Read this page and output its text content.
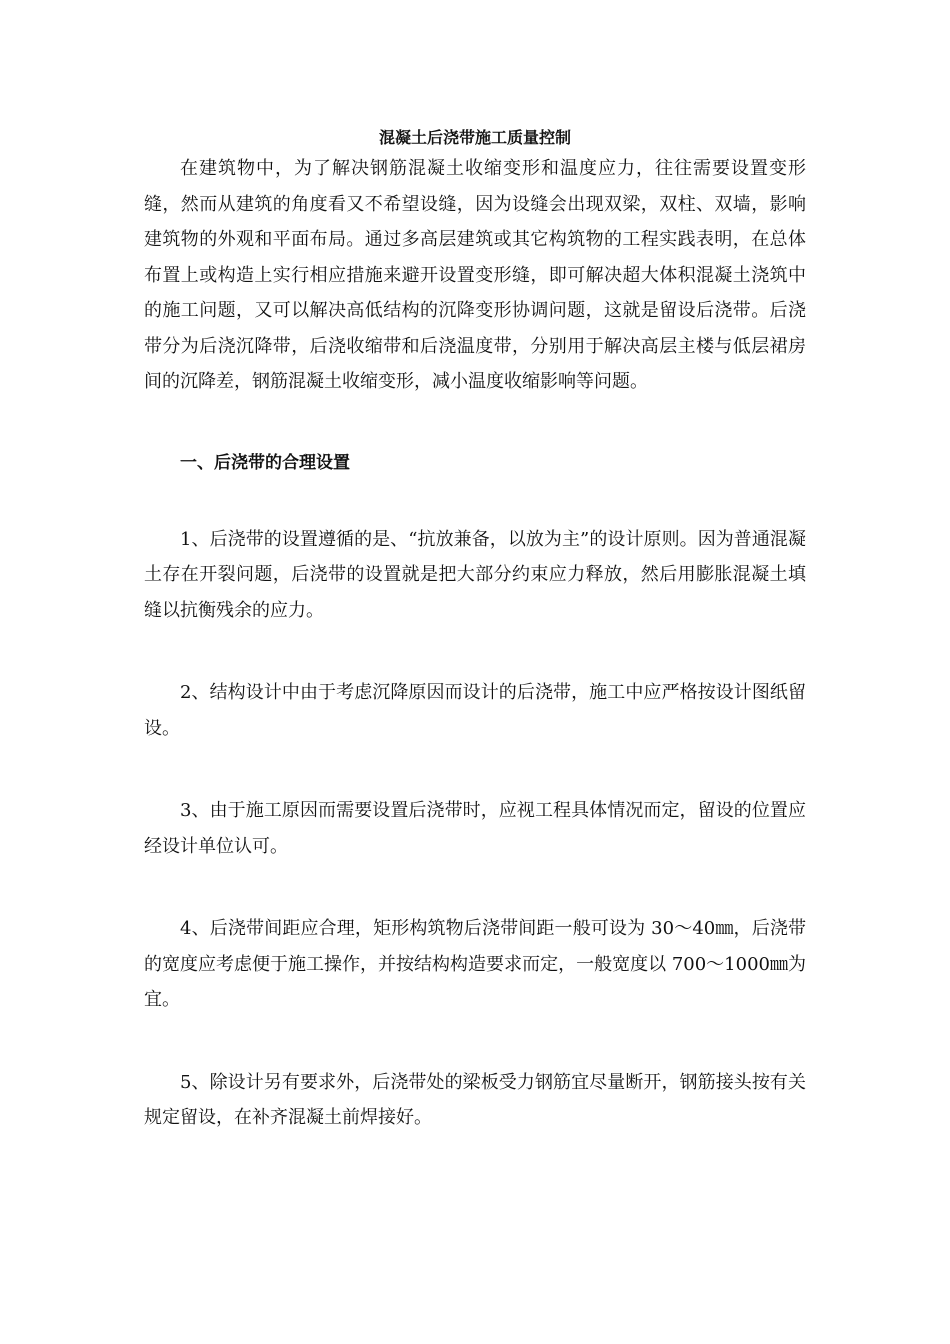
混凝土后浇带施工质量控制

在建筑物中，为了解决钢筋混凝土收缩变形和温度应力，往往需要设置变形缝，然而从建筑的角度看又不希望设缝，因为设缝会出现双梁，双柱、双墙，影响建筑物的外观和平面布局。通过多高层建筑或其它构筑物的工程实践表明，在总体布置上或构造上实行相应措施来避开设置变形缝，即可解决超大体积混凝土浇筑中的施工问题，又可以解决高低结构的沉降变形协调问题，这就是留设后浇带。后浇带分为后浇沉降带，后浇收缩带和后浇温度带，分别用于解决高层主楼与低层裙房间的沉降差，钢筋混凝土收缩变形，减小温度收缩影响等问题。

一、后浇带的合理设置

1、后浇带的设置遵循的是、“抗放兼备，以放为主”的设计原则。因为普通混凝土存在开裂问题，后浇带的设置就是把大部分约束应力释放，然后用膨胀混凝土填缝以抗衡残余的应力。

2、结构设计中由于考虑沉降原因而设计的后浇带，施工中应严格按设计图纸留设。

3、由于施工原因而需要设置后浇带时，应视工程具体情况而定，留设的位置应经设计单位认可。

4、后浇带间距应合理，矩形构筑物后浇带间距一般可设为 30～40㎜，后浇带的宽度应考虑便于施工操作，并按结构构造要求而定，一般宽度以 700～1000㎜为宜。

5、除设计另有要求外，后浇带处的梁板受力钢筋宜尽量断开，钢筋接头按有关规定留设，在补齐混凝土前焊接好。
